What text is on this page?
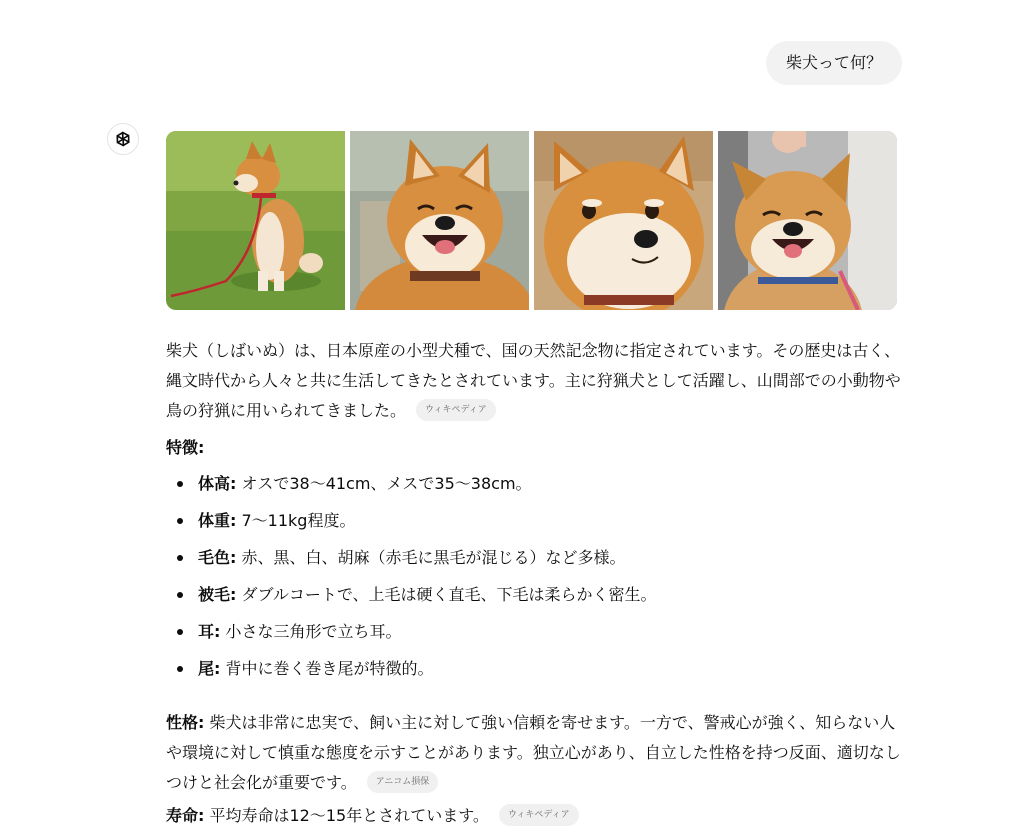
柴犬って何？

柴犬（しばいぬ）は、日本原産の小型犬種で、国の天然記念物に指定されています。その歴史は古く、縄文時代から人々と共に生活してきたとされています。主に狩猟犬として活躍し、山間部での小動物や鳥の狩猟に用いられてきました。 ウィキペディア

特徴:
体高: オスで38〜41cm、メスで35〜38cm。
体重: 7〜11kg程度。
毛色: 赤、黒、白、胡麻（赤毛に黒毛が混じる）など多様。
被毛: ダブルコートで、上毛は硬く直毛、下毛は柔らかく密生。
耳: 小さな三角形で立ち耳。
尾: 背中に巻く巻き尾が特徴的。

性格: 柴犬は非常に忠実で、飼い主に対して強い信頼を寄せます。一方で、警戒心が強く、知らない人や環境に対して慎重な態度を示すことがあります。独立心があり、自立した性格を持つ反面、適切なしつけと社会化が重要です。 アニコム損保

寿命: 平均寿命は12〜15年とされています。 ウィキペディア
